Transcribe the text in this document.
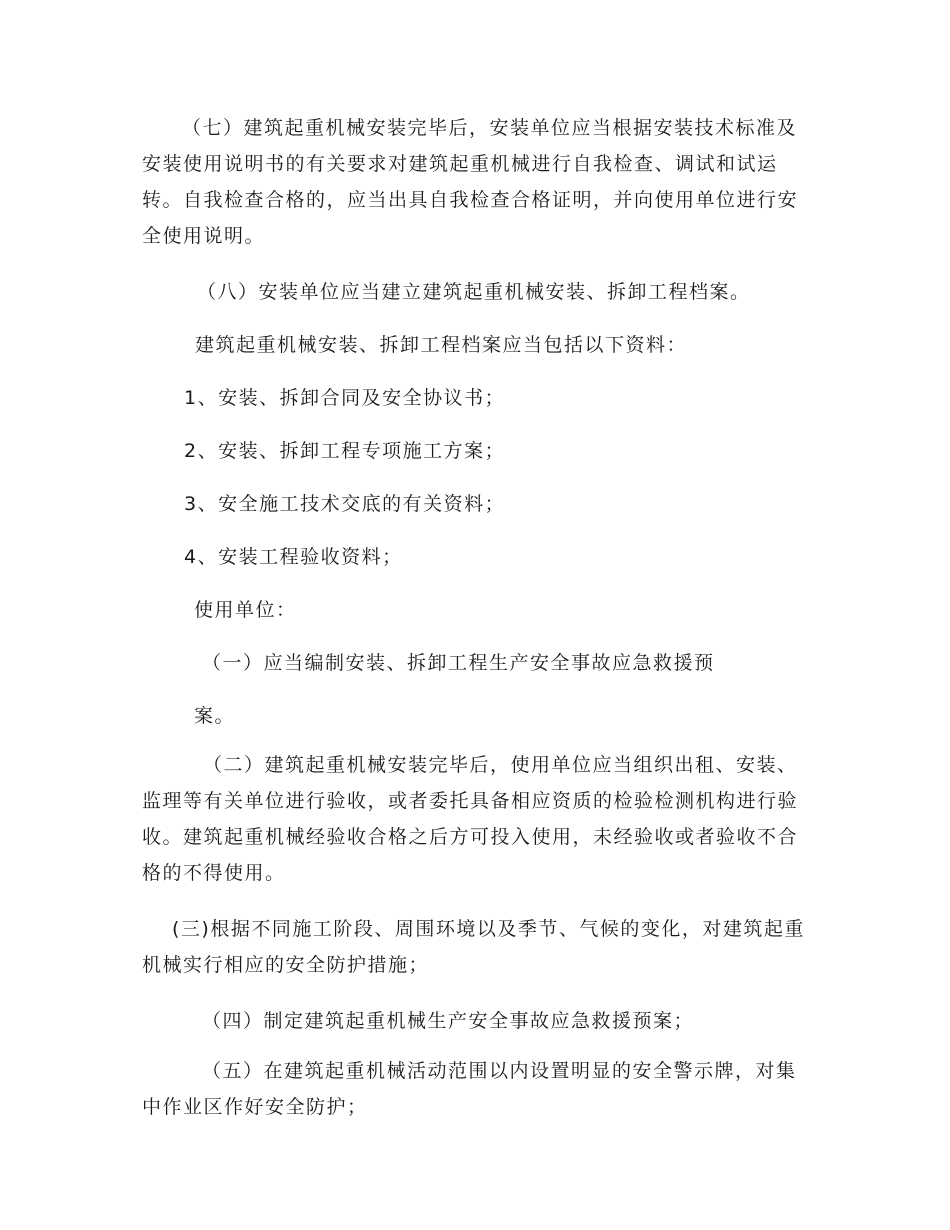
（七）建筑起重机械安装完毕后，安装单位应当根据安装技术标准及安装使用说明书的有关要求对建筑起重机械进行自我检查、调试和试运转。自我检查合格的，应当出具自我检查合格证明，并向使用单位进行安全使用说明。

（八）安装单位应当建立建筑起重机械安装、拆卸工程档案。

建筑起重机械安装、拆卸工程档案应当包括以下资料：

1、安装、拆卸合同及安全协议书；

2、安装、拆卸工程专项施工方案；

3、安全施工技术交底的有关资料；

4、安装工程验收资料；

使用单位：

（一）应当编制安装、拆卸工程生产安全事故应急救援预

案。

（二）建筑起重机械安装完毕后，使用单位应当组织出租、安装、监理等有关单位进行验收，或者委托具备相应资质的检验检测机构进行验收。建筑起重机械经验收合格之后方可投入使用，未经验收或者验收不合格的不得使用。

(三)根据不同施工阶段、周围环境以及季节、气候的变化，对建筑起重机械实行相应的安全防护措施；

（四）制定建筑起重机械生产安全事故应急救援预案；

（五）在建筑起重机械活动范围以内设置明显的安全警示牌，对集中作业区作好安全防护；
